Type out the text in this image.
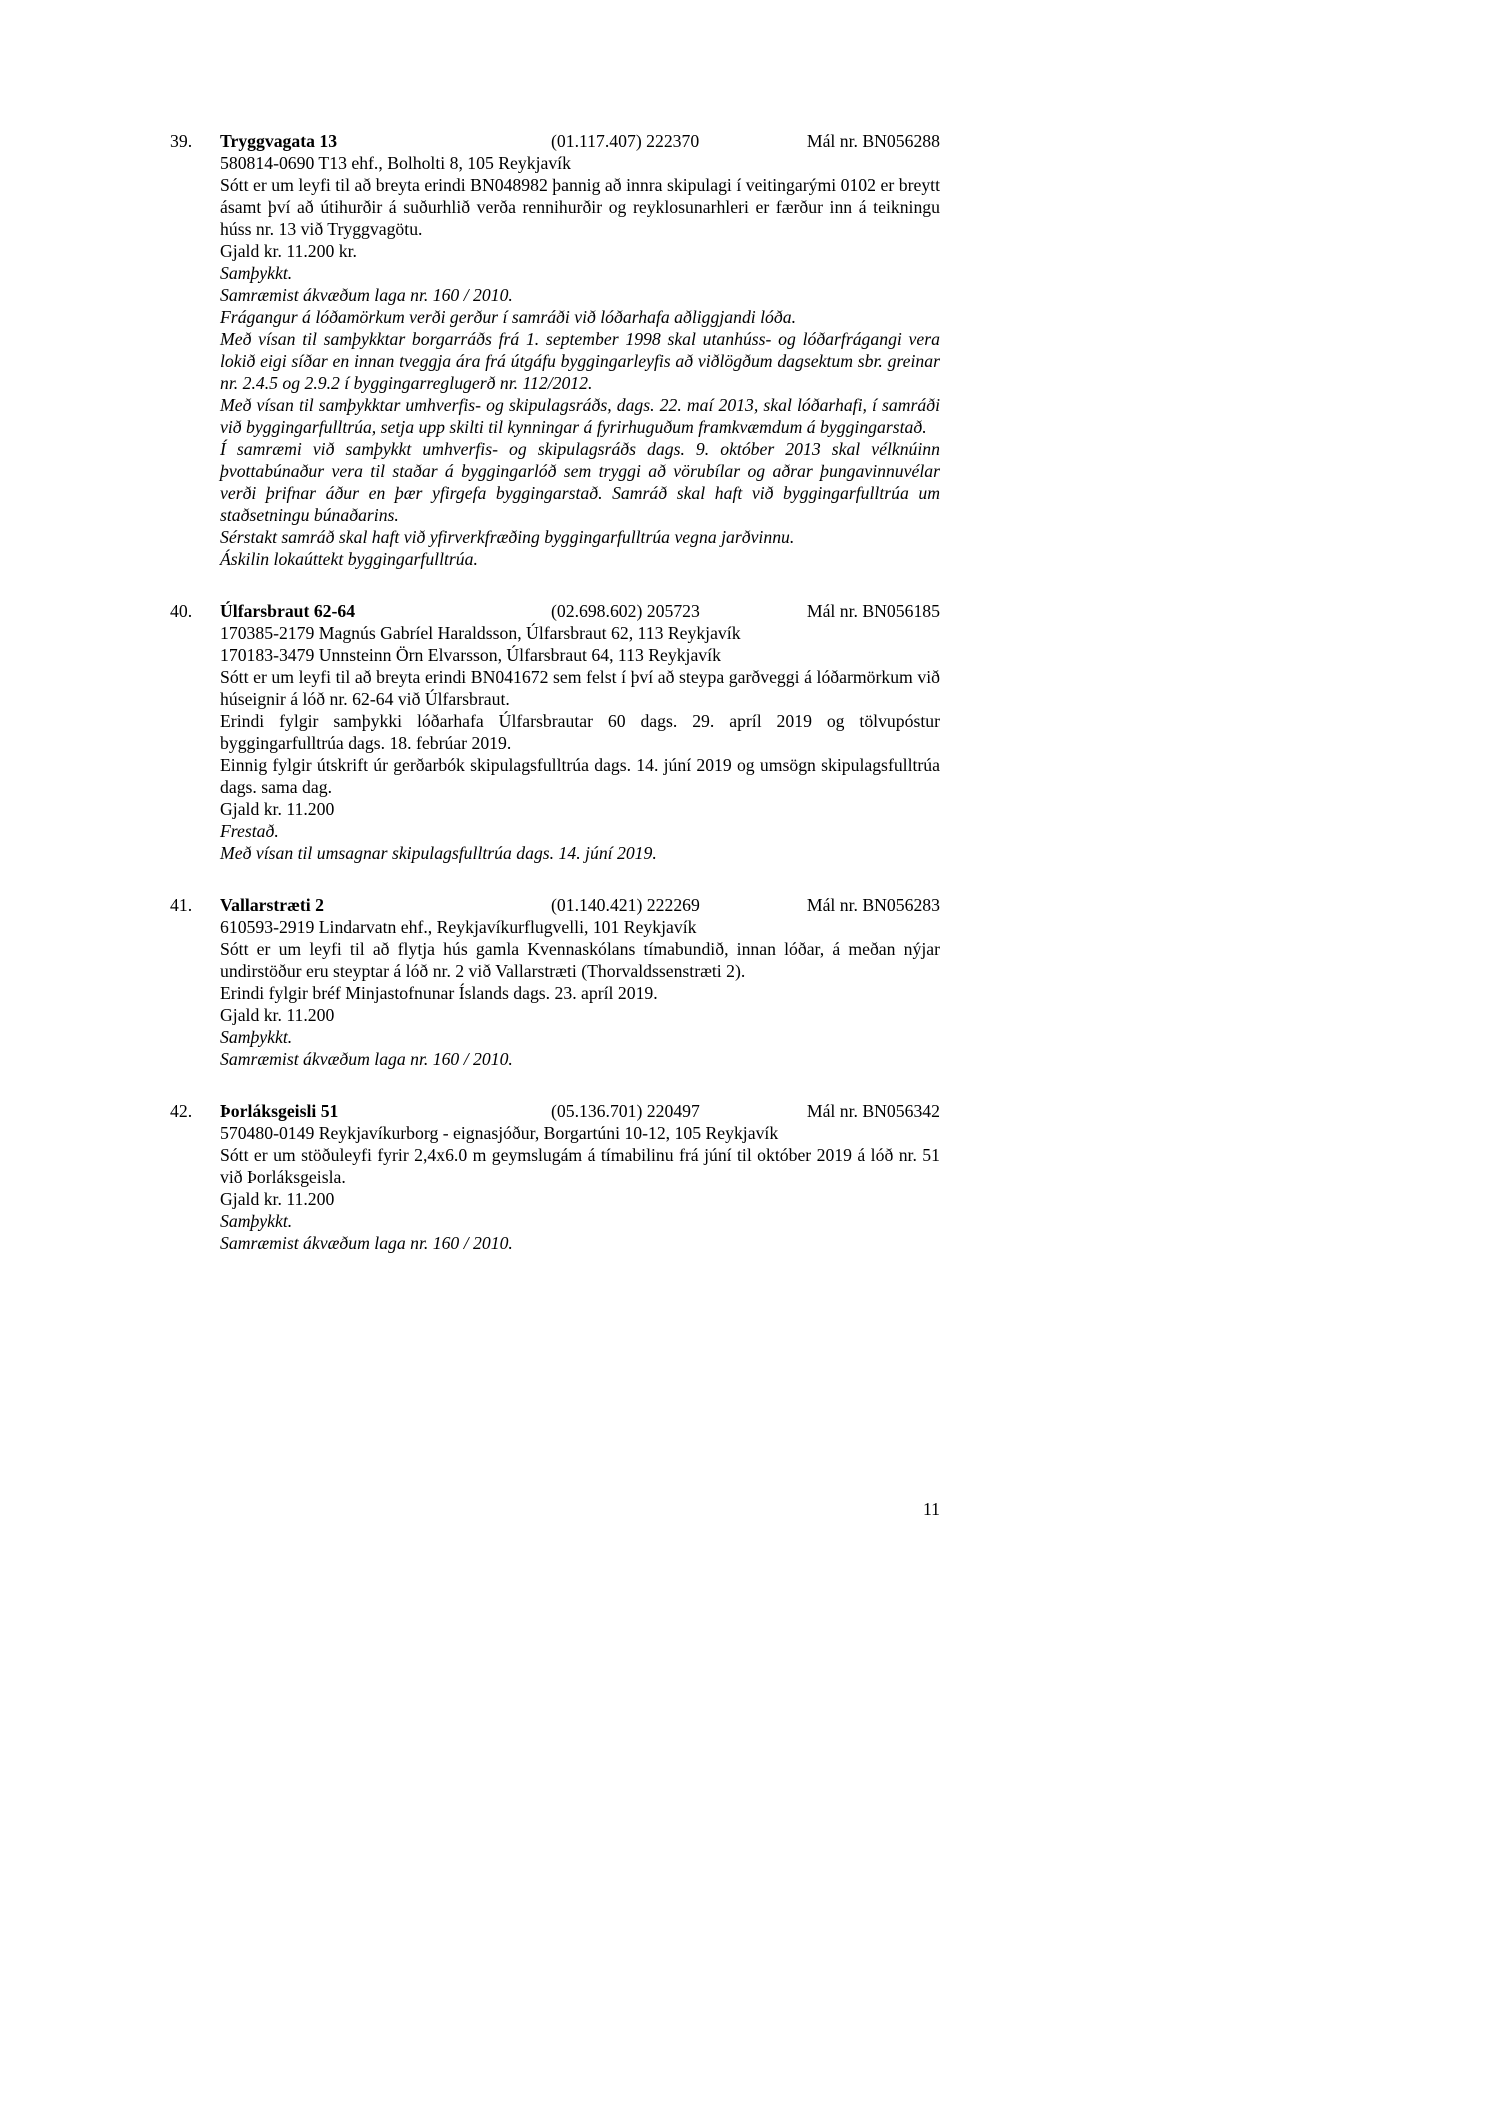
39. Tryggvagata 13	(01.117.407) 222370	Mál nr. BN056288
580814-0690 T13 ehf., Bolholti 8, 105 Reykjavík

Sótt er um leyfi til að breyta erindi BN048982 þannig að innra skipulagi í veitingarými 0102 er breytt ásamt því að útihurðir á suðurhlið verða rennihurðir og reyklosunarhleri er færður inn á teikningu húss nr. 13 við Tryggvagötu.

Gjald kr. 11.200 kr.

Samþykkt.

Samræmist ákvæðum laga nr. 160 / 2010.

Frágangur á lóðamörkum verði gerður í samráði við lóðarhafa aðliggjandi lóða.

Með vísan til samþykktar borgarráðs frá 1. september 1998 skal utanhúss- og lóðarfrágangi vera lokið eigi síðar en innan tveggja ára frá útgáfu byggingarleyfis að viðlögðum dagsektum sbr. greinar nr. 2.4.5 og 2.9.2 í byggingarreglugerð nr. 112/2012.

Með vísan til samþykktar umhverfis- og skipulagsráðs, dags. 22. maí 2013, skal lóðarhafi, í samráði við byggingarfulltrúa, setja upp skilti til kynningar á fyrirhuguðum framkvæmdum á byggingarstað.

Í samræmi við samþykkt umhverfis- og skipulagsráðs dags. 9. október 2013 skal vélknúinn þvottabúnaður vera til staðar á byggingarlóð sem tryggi að vörubílar og aðrar þungavinnuvélar verði þrifnar áður en þær yfirgefa byggingarstað. Samráð skal haft við byggingarfulltrúa um staðsetningu búnaðarins.

Sérstakt samráð skal haft við yfirverkfræðing byggingarfulltrúa vegna jarðvinnu.

Áskilin lokaúttekt byggingarfulltrúa.

40. Úlfarsbraut 62-64	(02.698.602) 205723	Mál nr. BN056185
170385-2179 Magnús Gabríel Haraldsson, Úlfarsbraut 62, 113 Reykjavík
170183-3479 Unnsteinn Örn Elvarsson, Úlfarsbraut 64, 113 Reykjavík

Sótt er um leyfi til að breyta erindi BN041672 sem felst í því að steypa garðveggi á lóðarmörkum við húseignir á lóð nr. 62-64 við Úlfarsbraut.

Erindi fylgir samþykki lóðarhafa Úlfarsbrautar 60 dags. 29. apríl 2019 og tölvupóstur byggingarfulltrúa dags. 18. febrúar 2019.

Einnig fylgir útskrift úr gerðarbók skipulagsfulltrúa dags. 14. júní 2019 og umsögn skipulagsfulltrúa dags. sama dag.

Gjald kr. 11.200

Frestað.

Með vísan til umsagnar skipulagsfulltrúa dags. 14. júní 2019.

41. Vallarstræti 2	(01.140.421) 222269	Mál nr. BN056283
610593-2919 Lindarvatn ehf., Reykjavíkurflugvelli, 101 Reykjavík

Sótt er um leyfi til að flytja hús gamla Kvennaskólans tímabundið, innan lóðar, á meðan nýjar undirstöður eru steyptar á lóð nr. 2 við Vallarstræti (Thorvaldssenstræti 2).

Erindi fylgir bréf Minjastofnunar Íslands dags. 23. apríl 2019.

Gjald kr. 11.200

Samþykkt.

Samræmist ákvæðum laga nr. 160 / 2010.

42. Þorláksgeisli 51	(05.136.701) 220497	Mál nr. BN056342
570480-0149 Reykjavíkurborg - eignasjóður, Borgartúni 10-12, 105 Reykjavík

Sótt er um stöðuleyfi fyrir 2,4x6.0 m geymslugám á tímabilinu frá júní til október 2019 á lóð nr. 51 við Þorláksgeisla.

Gjald kr. 11.200

Samþykkt.

Samræmist ákvæðum laga nr. 160 / 2010.

11
